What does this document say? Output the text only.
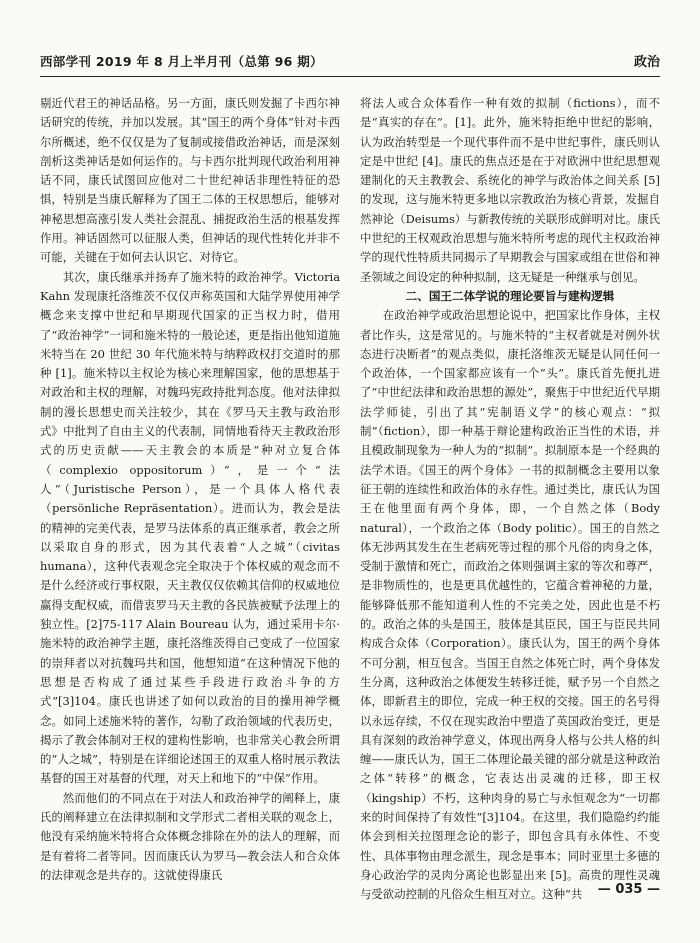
西部学刊 2019 年 8 月上半月刊（总第 96 期）	政治

剔近代君王的神话品格。另一方面，康氏则发掘了卡西尔神话研究的传统，并加以发展。其“国王的两个身体”针对卡西尔所概述，绝不仅仅是为了复制或接借政治神话，而是深刻剖析这类神话是如何运作的。与卡西尔批判现代政治利用神话不同，康氏试图回应他对二十世纪神话非理性特征的恐惧，特别是当康氏解释为了国王二体的王权思想后，能够对神秘思想高涨引发人类社会混乱、捕捉政治生活的根基发挥作用。神话固然可以征服人类，但神话的现代性转化并非不可能，关键在于如何去认识它、对待它。

其次，康氏继承并扬弃了施米特的政治神学。Victoria Kahn 发现康托洛维茨不仅仅声称英国和大陆学界使用神学概念来支撑中世纪和早期现代国家的正当权力时，借用了“政治神学”一词和施米特的一般论述，更是指出他知道施米特当在 20 世纪 30 年代施米特与纳粹政权打交道时的那种 [1]。施米特以主权论为核心来理解国家，他的思想基于对政治和主权的理解，对魏玛宪政持批判态度。他对法律拟制的漫长思想史而关注较少，其在《罗马天主教与政治形式》中批判了自由主义的代表制，同情地看待天主教政治形式的历史贡献——天主教会的本质是“种对立复合体（complexio oppositorum）”，是一个“法人”（Juristische Person），是一个具体人格代表（persönliche Repräsentation）。进而认为，教会是法的精神的完美代表，是罗马法体系的真正继承者，教会之所以采取自身的形式，因为其代表着“人之城”（civitas humana），这种代表观念完全取决于个体权威的观念而不是什么经济或行事权限，天主教仅仅依赖其信仰的权威地位赢得支配权威，而借衷罗马天主教的各民族被赋予法理上的独立性。[2]75-117 Alain Boureau 认为，通过采用卡尔·施米特的政治神学主题，康托洛维茨得自己变成了一位国家的崇拜者以对抗魏玛共和国，他想知道“在这种情况下他的思想是否构成了通过某些手段进行政治斗争的方式”[3]104。康氏也讲述了如何以政治的目的操用神学概念。如同上述施米特的著作，勾勒了政治领域的代表历史，揭示了教会体制对王权的建构性影响，也非常关心教会所谓的“人之城”，特别是在详细论述国王的双重人格时展示教法基督的国王对基督的代理，对天上和地下的“中保”作用。

然而他们的不同点在于对法人和政治神学的阐释上，康氏的阐释建立在法律拟制和文学形式二者相关联的观念上，他没有采纳施米特将合众体概念排除在外的法人的理解，而是有着将二者等同。因而康氏认为罗马—教会法人和合众体的法律观念是共存的。这就使得康氏

将法人或合众体看作一种有效的拟制（fictions），而不是“真实的存在”。[1]。此外，施米特拒绝中世纪的影响，认为政治转型是一个现代事件而不是中世纪事件，康氏则认定是中世纪 [4]。康氏的焦点还是在于对欧洲中世纪思想观建制化的天主教教会、系统化的神学与政治体之间关系 [5] 的发现，这与施米特更多地以宗教政治为核心背景，发掘自然神论（Deisums）与新教传统的关联形成鲜明对比。康氏中世纪的王权观政治思想与施米特所考虑的现代主权政治神学的现代性特质共同揭示了早期教会与国家或组在世俗和神圣领域之间设定的种种拟制，这无疑是一种继承与创见。

二、国王二体学说的理论要旨与建构逻辑

在政治神学或政治思想论说中，把国家比作身体，主权者比作头，这是常见的。与施米特的“主权者就是对例外状态进行决断者”的观点类似，康托洛维茨无疑是认同任何一个政治体，一个国家都应该有一个“头”。康氏首先便扎进了“中世纪法律和政治思想的源处”，聚焦于中世纪近代早期法学师徒，引出了其“宪制语义学”的核心观点：“拟制”（fiction），即一种基于辩论建构政治正当性的术语，并且模政制现象为一种人为的“拟制”。拟制原本是一个经典的法学术语。《国王的两个身体》一书的拟制概念主要用以象征王朝的连续性和政治体的永存性。通过类比，康氏认为国王在他里面有两个身体，即，一个自然之体（Body natural），一个政治之体（Body politic）。国王的自然之体无涉两其发生在生老病死等过程的那个凡俗的肉身之体，受制于激情和死亡，而政治之体则强调主家的等次和尊严，是非物质性的，也是更具优越性的，它蕴含着神秘的力量，能够降低那不能知道利人性的不完美之处，因此也是不朽的。政治之体的头是国王，肢体是其臣民，国王与臣民共同构成合众体（Corporation）。康氏认为，国王的两个身体不可分割，相互包含。当国王自然之体死亡时，两个身体发生分离，这种政治之体便发生转移迁徙，赋予另一个自然之体，即新君主的即位，完成一种王权的交接。国王的名号得以永远存续，不仅在现实政治中塑造了英国政治变迁，更是具有深刻的政治神学意义，体现出两身人格与公共人格的纠缠——康氏认为，国王二体理论最关键的部分就是这种政治之体“转移”的概念，它表达出灵魂的迁移，即王权（kingship）不朽，这种肉身的易亡与永恒观念为“一切都来的时间保持了有效性”[3]104。在这里，我们隐隐约约能体会到相关拉图理念论的影子，即包含具有永体性、不变性、具体事物由理念派生，现念是事本；同时亚里士多德的身心政治学的灵肉分离论也影显出来 [5]。高贵的理性灵魂与受欲动控制的凡俗众生相互对立。这种“共	— 035 —
